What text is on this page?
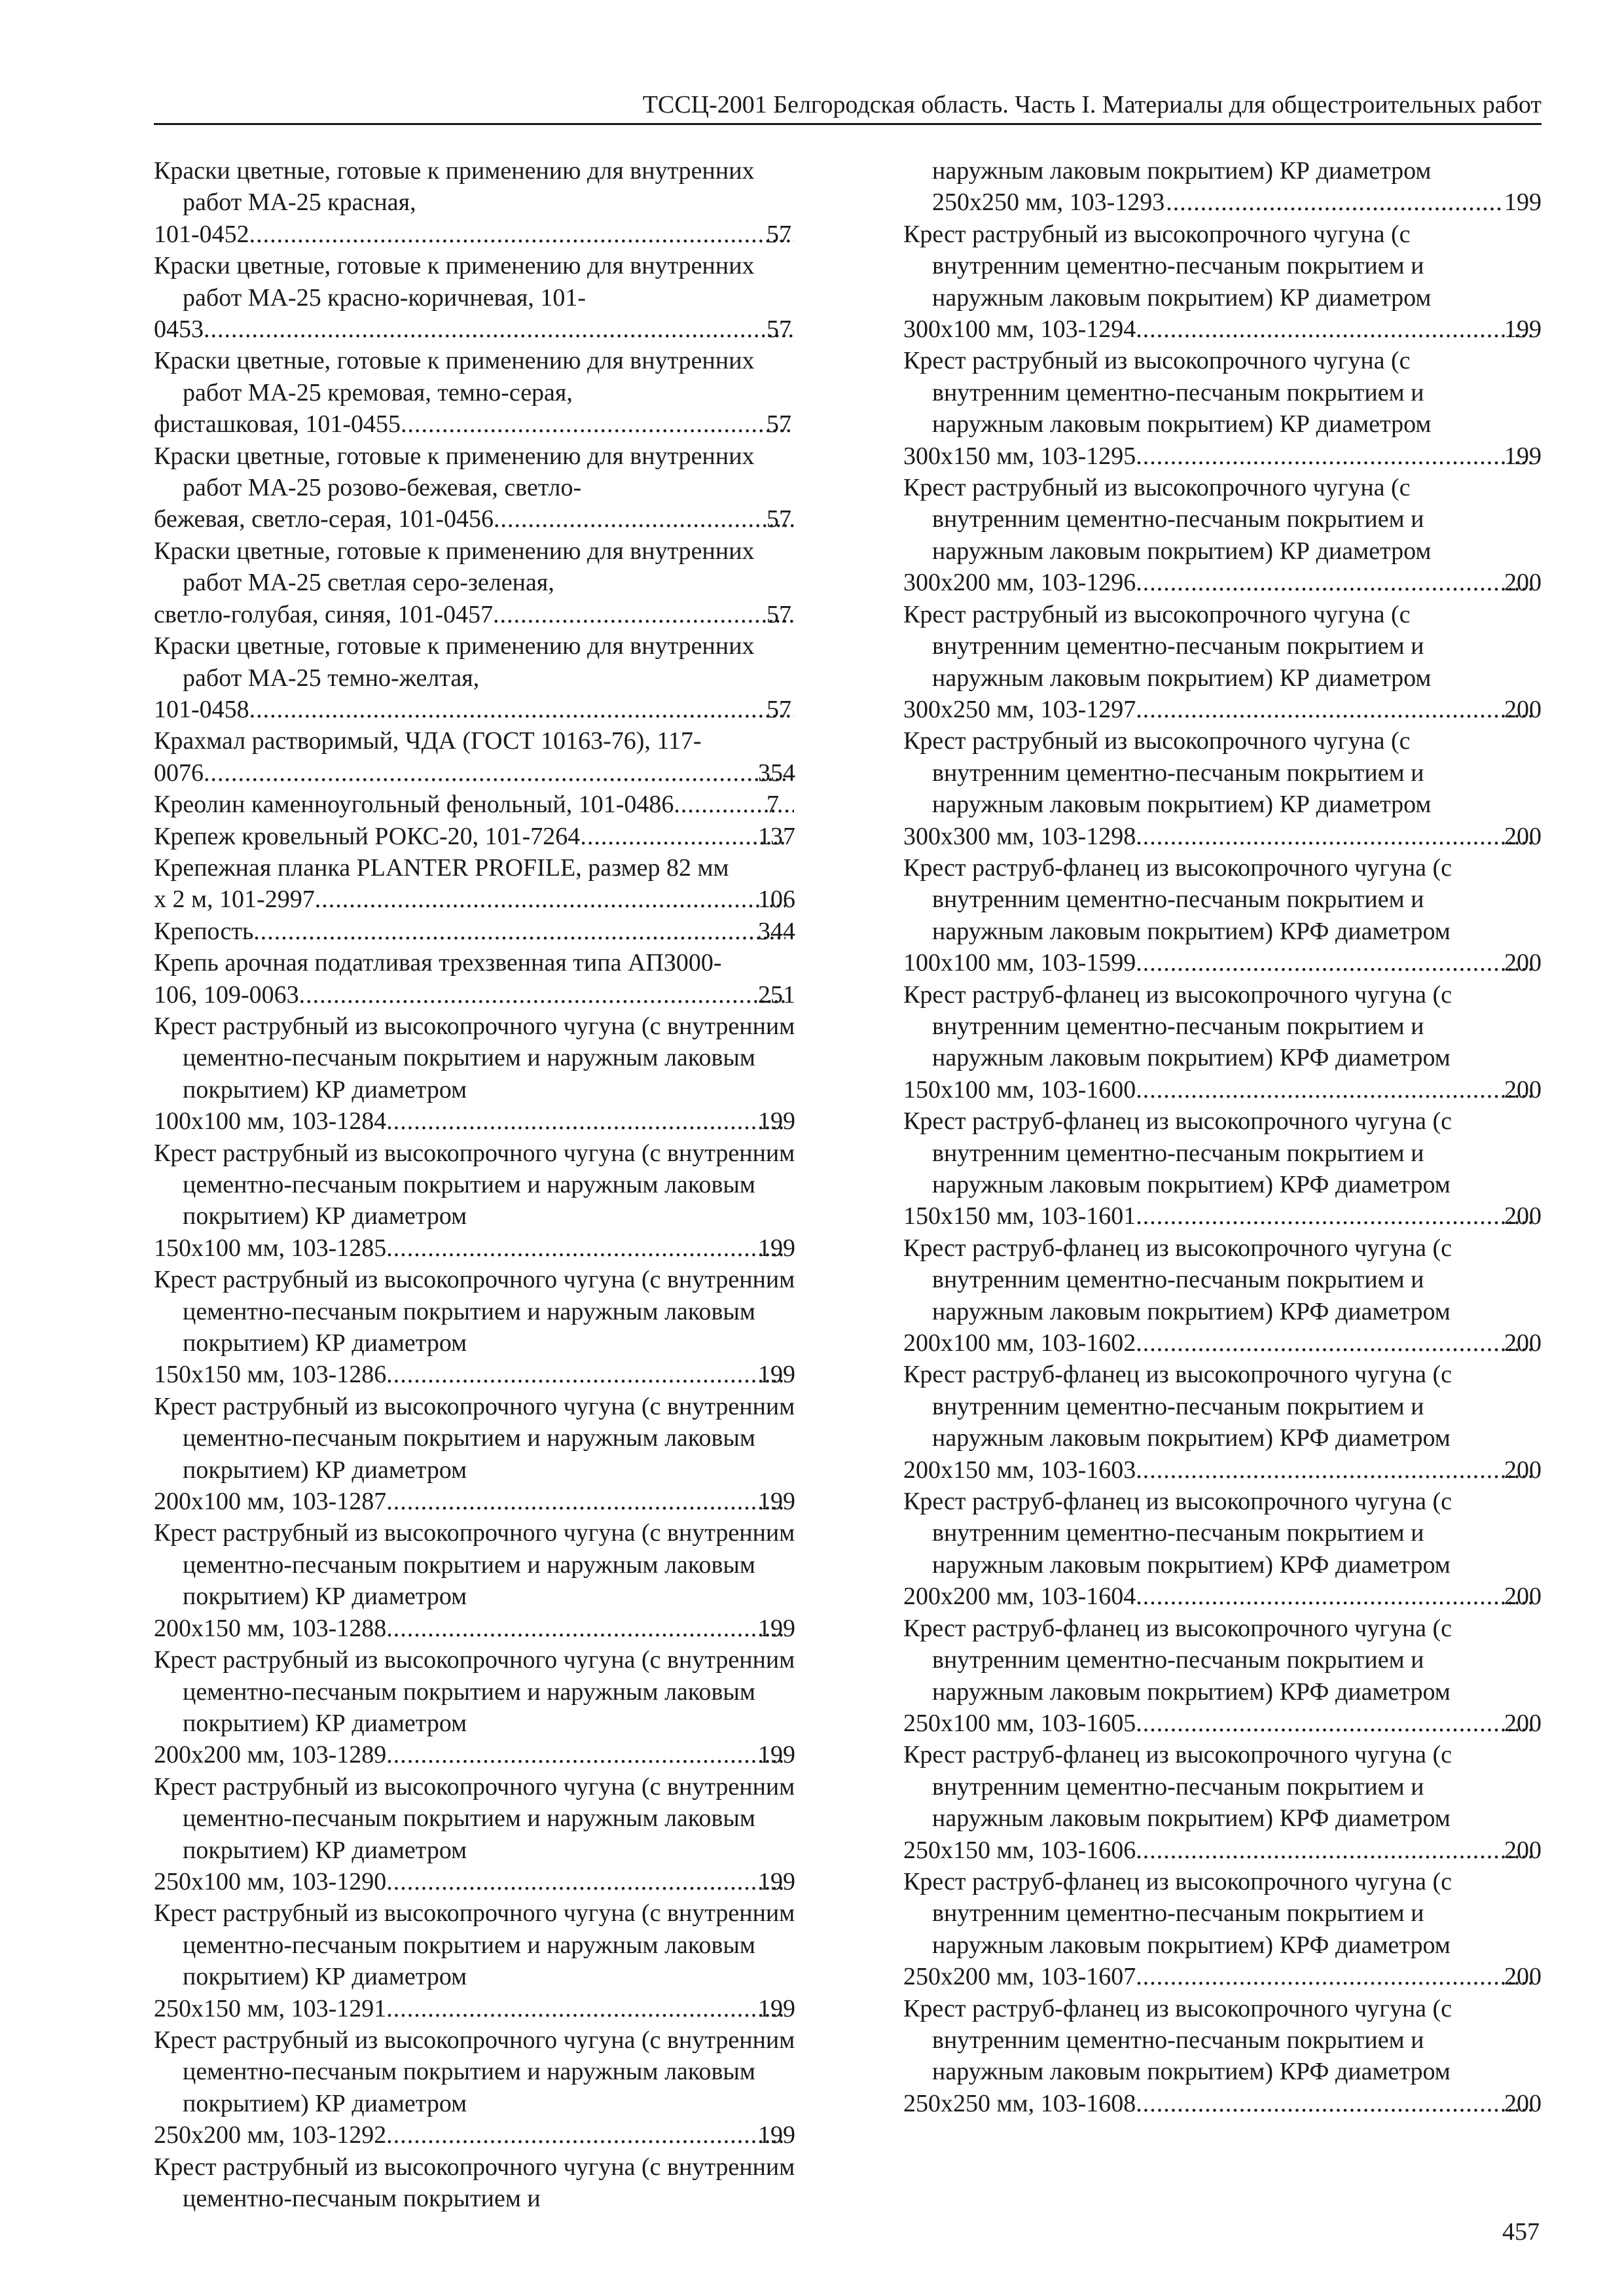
ТССЦ-2001 Белгородская область. Часть I. Материалы для общестроительных работ
Краски цветные, готовые к применению для внутренних работ МА-25 красная,
101-0452 .....	57
Краски цветные, готовые к применению для внутренних работ МА-25 красно-коричневая, 101-
0453 .....	57
Краски цветные, готовые к применению для внутренних работ МА-25 кремовая, темно-серая,
фисташковая, 101-0455 .....	57
Краски цветные, готовые к применению для внутренних работ МА-25 розово-бежевая, светло-
бежевая, светло-серая, 101-0456 .....	57
Краски цветные, готовые к применению для внутренних работ МА-25 светлая серо-зеленая,
светло-голубая, синяя, 101-0457 .....	57
Краски цветные, готовые к применению для внутренних работ МА-25 темно-желтая,
101-0458 .....	57
Крахмал растворимый, ЧДА (ГОСТ 10163-76), 117-
0076 .....	354
Креолин каменноугольный фенольный, 101-0486 .....	7
Крепеж кровельный РОКС-20, 101-7264 .....	137
Крепежная планка PLANTER PROFILE, размер 82 мм
х 2 м, 101-2997 .....	106
Крепость .....	344
Крепь арочная податливая трехзвенная типа АПЗ000-
106, 109-0063 .....	251
Крест раструбный из высокопрочного чугуна (с внутренним цементно-песчаным покрытием и наружным лаковым покрытием) КР диаметром
100х100 мм, 103-1284 .....	199
Крест раструбный из высокопрочного чугуна (с внутренним цементно-песчаным покрытием и наружным лаковым покрытием) КР диаметром
150х100 мм, 103-1285 .....	199
Крест раструбный из высокопрочного чугуна (с внутренним цементно-песчаным покрытием и наружным лаковым покрытием) КР диаметром
150х150 мм, 103-1286 .....	199
Крест раструбный из высокопрочного чугуна (с внутренним цементно-песчаным покрытием и наружным лаковым покрытием) КР диаметром
200х100 мм, 103-1287 .....	199
Крест раструбный из высокопрочного чугуна (с внутренним цементно-песчаным покрытием и наружным лаковым покрытием) КР диаметром
200х150 мм, 103-1288 .....	199
Крест раструбный из высокопрочного чугуна (с внутренним цементно-песчаным покрытием и наружным лаковым покрытием) КР диаметром
200х200 мм, 103-1289 .....	199
Крест раструбный из высокопрочного чугуна (с внутренним цементно-песчаным покрытием и наружным лаковым покрытием) КР диаметром
250х100 мм, 103-1290 .....	199
Крест раструбный из высокопрочного чугуна (с внутренним цементно-песчаным покрытием и наружным лаковым покрытием) КР диаметром
250х150 мм, 103-1291 .....	199
Крест раструбный из высокопрочного чугуна (с внутренним цементно-песчаным покрытием и наружным лаковым покрытием) КР диаметром
250х200 мм, 103-1292 .....	199
Крест раструбный из высокопрочного чугуна (с внутренним цементно-песчаным покрытием и
наружным лаковым покрытием) КР диаметром
250х250 мм, 103-1293 .....	199
Крест раструбный из высокопрочного чугуна (с внутренним цементно-песчаным покрытием и наружным лаковым покрытием) КР диаметром
300х100 мм, 103-1294 .....	199
Крест раструбный из высокопрочного чугуна (с внутренним цементно-песчаным покрытием и наружным лаковым покрытием) КР диаметром
300х150 мм, 103-1295 .....	199
Крест раструбный из высокопрочного чугуна (с внутренним цементно-песчаным покрытием и наружным лаковым покрытием) КР диаметром
300х200 мм, 103-1296 .....	200
Крест раструбный из высокопрочного чугуна (с внутренним цементно-песчаным покрытием и наружным лаковым покрытием) КР диаметром
300х250 мм, 103-1297 .....	200
Крест раструбный из высокопрочного чугуна (с внутренним цементно-песчаным покрытием и наружным лаковым покрытием) КР диаметром
300х300 мм, 103-1298 .....	200
Крест раструб-фланец из высокопрочного чугуна (с внутренним цементно-песчаным покрытием и наружным лаковым покрытием) КРФ диаметром
100х100 мм, 103-1599 .....	200
Крест раструб-фланец из высокопрочного чугуна (с внутренним цементно-песчаным покрытием и наружным лаковым покрытием) КРФ диаметром
150х100 мм, 103-1600 .....	200
Крест раструб-фланец из высокопрочного чугуна (с внутренним цементно-песчаным покрытием и наружным лаковым покрытием) КРФ диаметром
150х150 мм, 103-1601 .....	200
Крест раструб-фланец из высокопрочного чугуна (с внутренним цементно-песчаным покрытием и наружным лаковым покрытием) КРФ диаметром
200х100 мм, 103-1602 .....	200
Крест раструб-фланец из высокопрочного чугуна (с внутренним цементно-песчаным покрытием и наружным лаковым покрытием) КРФ диаметром
200х150 мм, 103-1603 .....	200
Крест раструб-фланец из высокопрочного чугуна (с внутренним цементно-песчаным покрытием и наружным лаковым покрытием) КРФ диаметром
200х200 мм, 103-1604 .....	200
Крест раструб-фланец из высокопрочного чугуна (с внутренним цементно-песчаным покрытием и наружным лаковым покрытием) КРФ диаметром
250х100 мм, 103-1605 .....	200
Крест раструб-фланец из высокопрочного чугуна (с внутренним цементно-песчаным покрытием и наружным лаковым покрытием) КРФ диаметром
250х150 мм, 103-1606 .....	200
Крест раструб-фланец из высокопрочного чугуна (с внутренним цементно-песчаным покрытием и наружным лаковым покрытием) КРФ диаметром
250х200 мм, 103-1607 .....	200
Крест раструб-фланец из высокопрочного чугуна (с внутренним цементно-песчаным покрытием и наружным лаковым покрытием) КРФ диаметром
250х250 мм, 103-1608 .....	200
457
